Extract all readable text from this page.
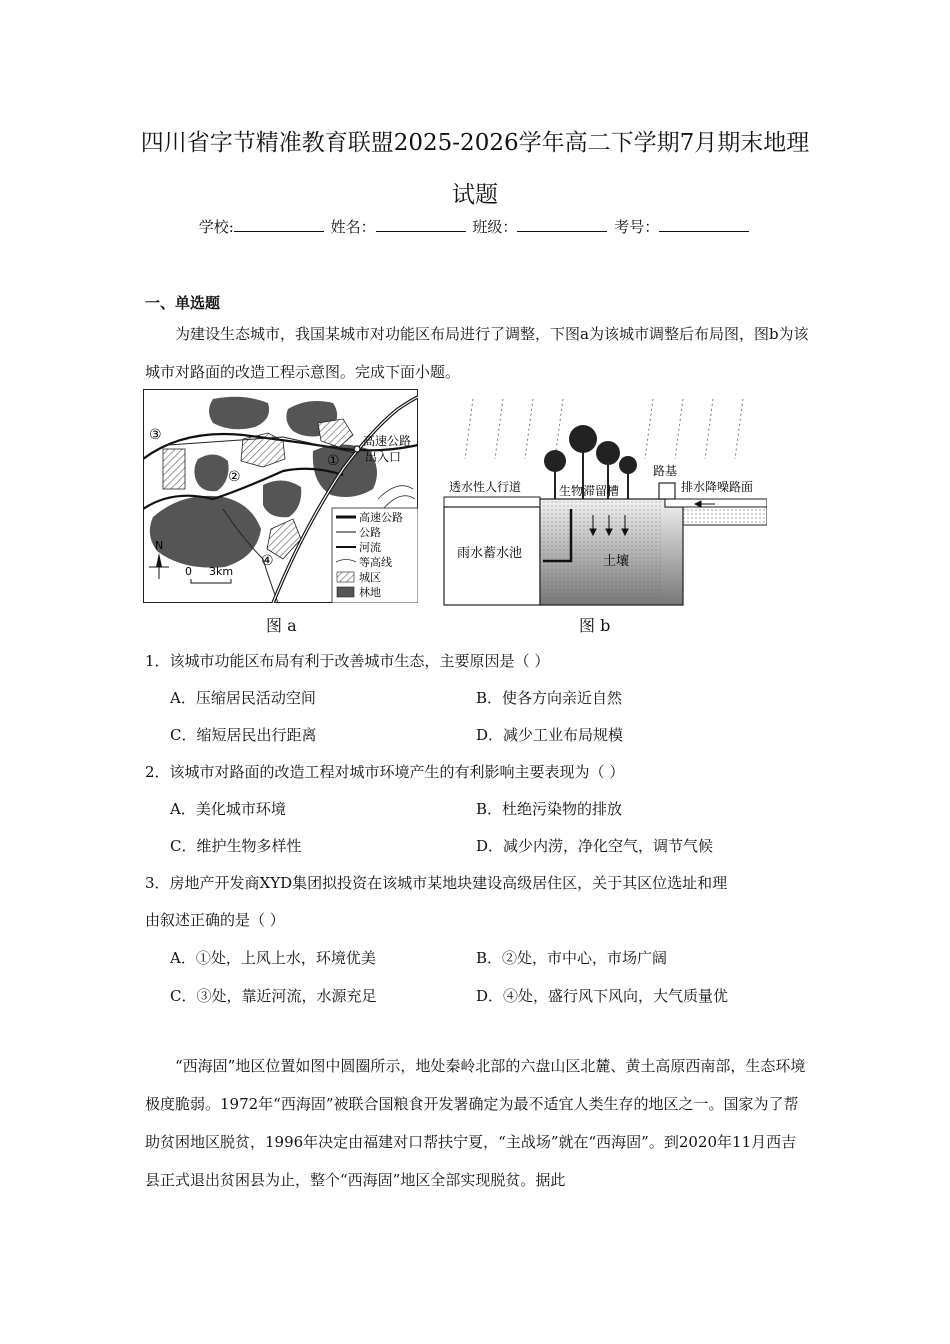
四川省字节精准教育联盟2025-2026学年高二下学期7月期末地理
试题
学校:	姓名：	班级：	考号：
一、单选题
为建设生态城市，我国某城市对功能区布局进行了调整，下图a为该城市调整后布局图，图b为该城市对路面的改造工程示意图。完成下面小题。
③
②
①
④
高速公路
出入口
N
0 3km
高速公路
公路
河流
等高线
城区
林地
图 a
透水性人行道	生物滞留槽
路基
排水降噪路面
雨水蓄水池
土壤
图 b
1．该城市功能区布局有利于改善城市生态，主要原因是（ ）
A．压缩居民活动空间	B．使各方向亲近自然
C．缩短居民出行距离	D．减少工业布局规模
2．该城市对路面的改造工程对城市环境产生的有利影响主要表现为（ ）
A．美化城市环境	B．杜绝污染物的排放
C．维护生物多样性	D．减少内涝，净化空气，调节气候
3．房地产开发商XYD集团拟投资在该城市某地块建设高级居住区，关于其区位选址和理
由叙述正确的是（ ）
A．①处，上风上水，环境优美	B．②处，市中心，市场广阔
C．③处，靠近河流，水源充足	D．④处，盛行风下风向，大气质量优
“西海固”地区位置如图中圆圈所示，地处秦岭北部的六盘山区北麓、黄土高原西南部，生态环境极度脆弱。1972年“西海固”被联合国粮食开发署确定为最不适宜人类生存的地区之一。国家为了帮助贫困地区脱贫，1996年决定由福建对口帮扶宁夏，“主战场”就在“西海固”。到2020年11月西吉县正式退出贫困县为止，整个“西海固”地区全部实现脱贫。据此
